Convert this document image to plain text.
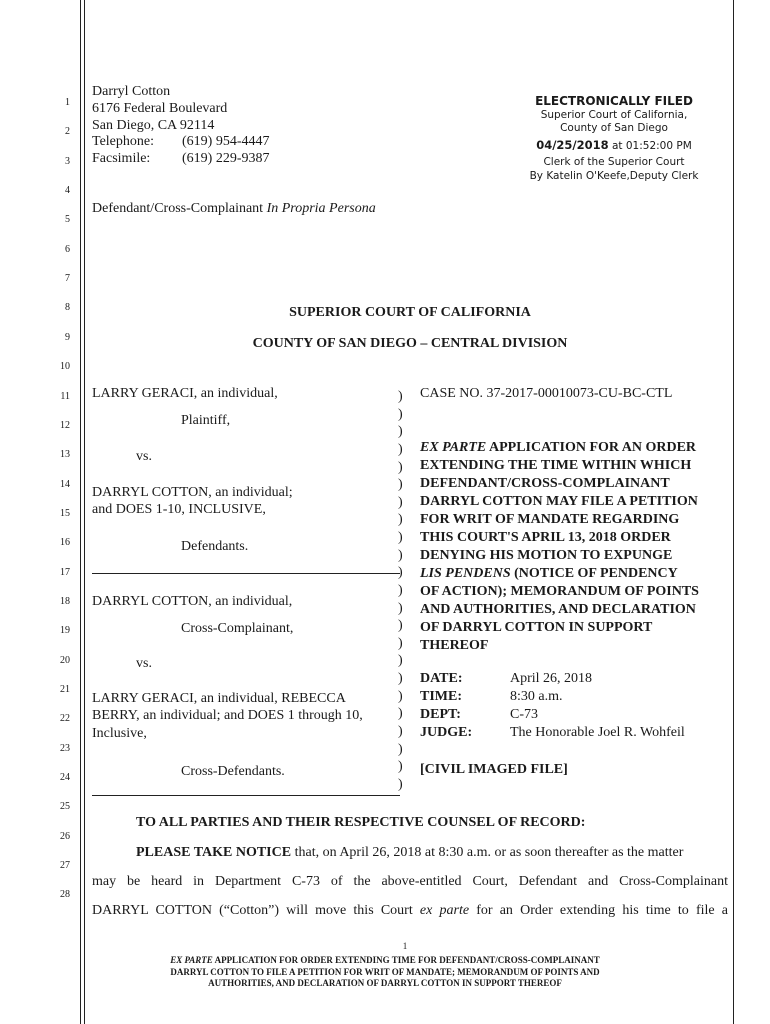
1
2
3
4
5
6
7
8
9
10
11
12
13
14
15
16
17
18
19
20
21
22
23
24
25
26
27
28
Darryl Cotton
6176 Federal Boulevard
San Diego, CA 92114
Telephone: (619) 954-4447
Facsimile: (619) 229-9387
Defendant/Cross-Complainant In Propria Persona
ELECTRONICALLY FILED
Superior Court of California,
County of San Diego
04/25/2018 at 01:52:00 PM
Clerk of the Superior Court
By Katelin O'Keefe,Deputy Clerk
SUPERIOR COURT OF CALIFORNIA
COUNTY OF SAN DIEGO – CENTRAL DIVISION
LARRY GERACI, an individual,
Plaintiff,
vs.
DARRYL COTTON, an individual;
and DOES 1-10, INCLUSIVE,
Defendants.
DARRYL COTTON, an individual,
Cross-Complainant,
vs.
LARRY GERACI, an individual, REBECCA
BERRY, an individual; and DOES 1 through 10,
Inclusive,
Cross-Defendants.
)
)
)
)
)
)
)
)
)
)
)
)
)
)
)
)
)
)
)
)
)
)
)
CASE NO. 37-2017-00010073-CU-BC-CTL
EX PARTE APPLICATION FOR AN ORDER
EXTENDING THE TIME WITHIN WHICH
DEFENDANT/CROSS-COMPLAINANT
DARRYL COTTON MAY FILE A PETITION
FOR WRIT OF MANDATE REGARDING
THIS COURT'S APRIL 13, 2018 ORDER
DENYING HIS MOTION TO EXPUNGE
LIS PENDENS (NOTICE OF PENDENCY
OF ACTION); MEMORANDUM OF POINTS
AND AUTHORITIES, AND DECLARATION
OF DARRYL COTTON IN SUPPORT
THEREOF
DATE:	April 26, 2018
TIME:	8:30 a.m.
DEPT:	C-73
JUDGE:	The Honorable Joel R. Wohfeil
[CIVIL IMAGED FILE]
TO ALL PARTIES AND THEIR RESPECTIVE COUNSEL OF RECORD:
PLEASE TAKE NOTICE that, on April 26, 2018 at 8:30 a.m. or as soon thereafter as the matter
may be heard in Department C-73 of the above-entitled Court, Defendant and Cross-Complainant
DARRYL COTTON (“Cotton”) will move this Court ex parte for an Order extending his time to file a
1
EX PARTE APPLICATION FOR ORDER EXTENDING TIME FOR DEFENDANT/CROSS-COMPLAINANT
DARRYL COTTON TO FILE A PETITION FOR WRIT OF MANDATE; MEMORANDUM OF POINTS AND
AUTHORITIES, AND DECLARATION OF DARRYL COTTON IN SUPPORT THEREOF
